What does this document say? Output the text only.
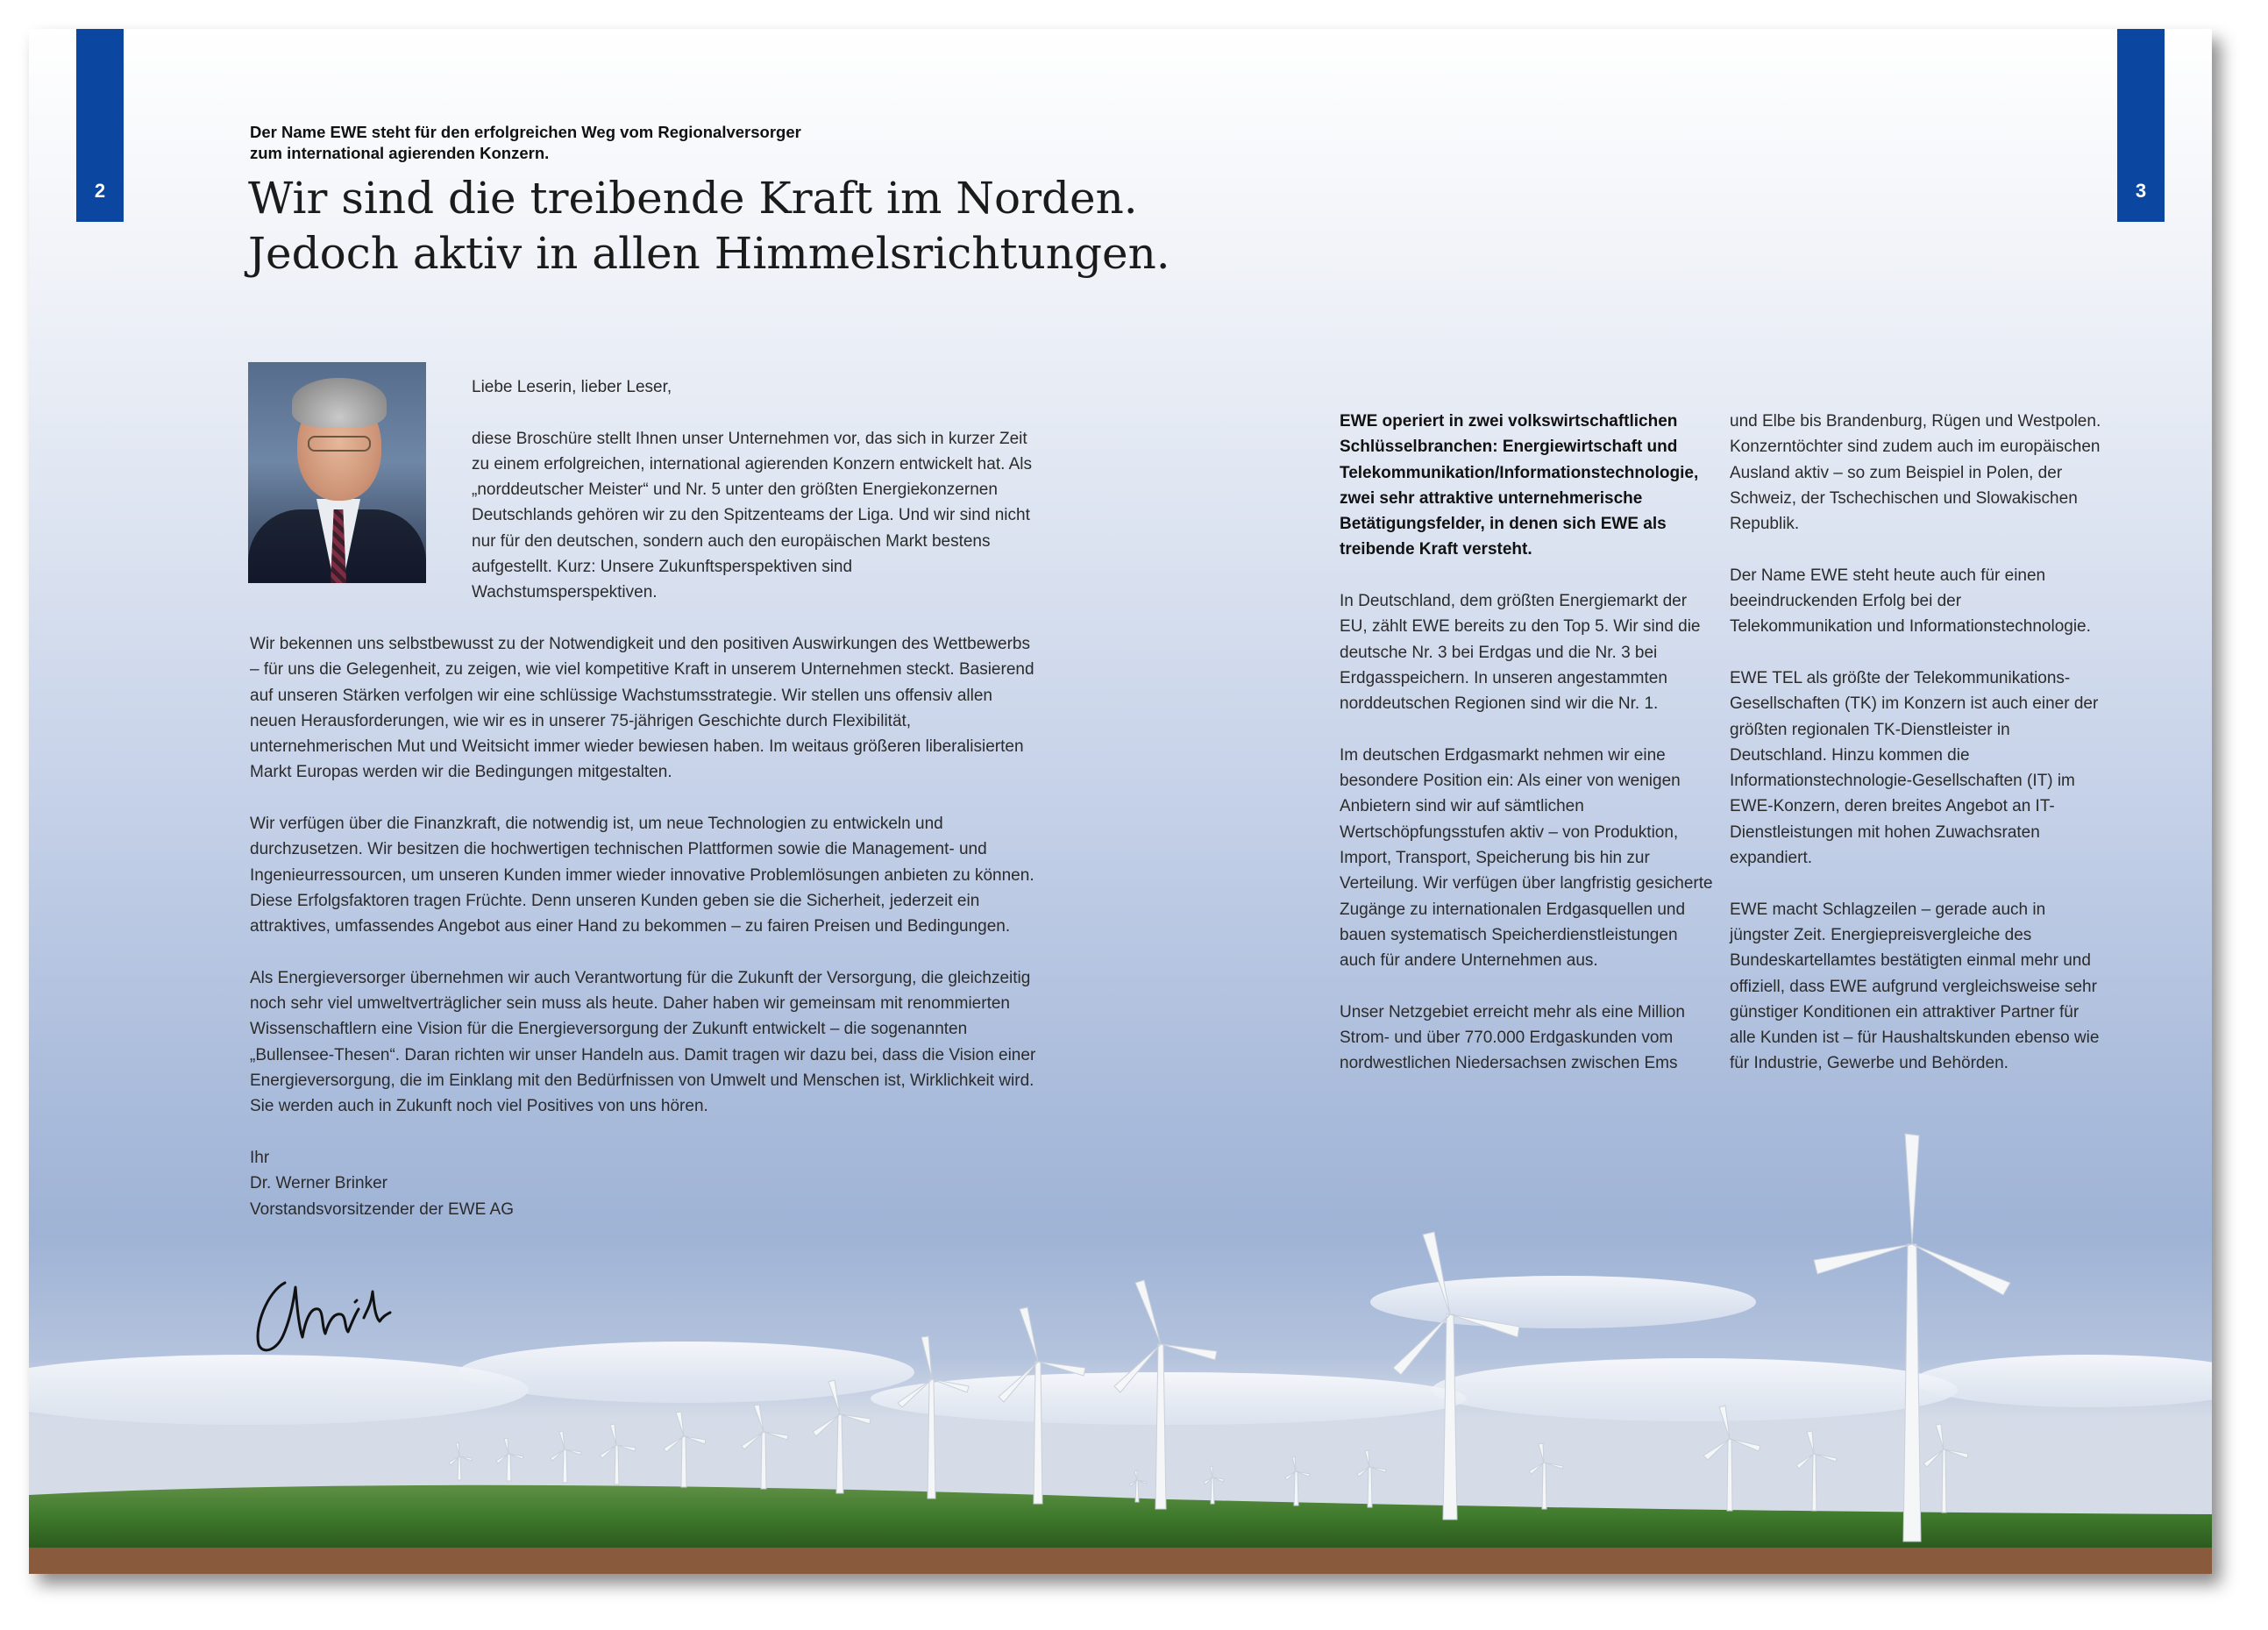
2	3
Der Name EWE steht für den erfolgreichen Weg vom Regionalversorger
zum international agierenden Konzern.
Wir sind die treibende Kraft im Norden.
Jedoch aktiv in allen Himmelsrichtungen.

Liebe Leserin, lieber Leser,

diese Broschüre stellt Ihnen unser Unternehmen vor, das sich in kurzer Zeit zu einem erfolgreichen, international agierenden Konzern entwickelt hat. Als „norddeutscher Meister“ und Nr. 5 unter den größten Energiekonzernen Deutschlands gehören wir zu den Spitzenteams der Liga. Und wir sind nicht nur für den deutschen, sondern auch den europäischen Markt bestens aufgestellt. Kurz: Unsere Zukunftsperspektiven sind Wachstumsperspektiven.

Wir bekennen uns selbstbewusst zu der Notwendigkeit und den positiven Auswirkungen des Wettbewerbs – für uns die Gelegenheit, zu zeigen, wie viel kompetitive Kraft in unserem Unternehmen steckt. Basierend auf unseren Stärken verfolgen wir eine schlüssige Wachstumsstrategie. Wir stellen uns offensiv allen neuen Herausforderungen, wie wir es in unserer 75-jährigen Geschichte durch Flexibilität, unternehmerischen Mut und Weitsicht immer wieder bewiesen haben. Im weitaus größeren liberalisierten Markt Europas werden wir die Bedingungen mitgestalten.

Wir verfügen über die Finanzkraft, die notwendig ist, um neue Technologien zu entwickeln und durchzusetzen. Wir besitzen die hochwertigen technischen Plattformen sowie die Management- und Ingenieurressourcen, um unseren Kunden immer wieder innovative Problemlösungen anbieten zu können. Diese Erfolgsfaktoren tragen Früchte. Denn unseren Kunden geben sie die Sicherheit, jederzeit ein attraktives, umfassendes Angebot aus einer Hand zu bekommen – zu fairen Preisen und Bedingungen.

Als Energieversorger übernehmen wir auch Verantwortung für die Zukunft der Versorgung, die gleichzeitig noch sehr viel umweltverträglicher sein muss als heute. Daher haben wir gemeinsam mit renommierten Wissenschaftlern eine Vision für die Energieversorgung der Zukunft entwickelt – die sogenannten „Bullensee-Thesen“. Daran richten wir unser Handeln aus. Damit tragen wir dazu bei, dass die Vision einer Energieversorgung, die im Einklang mit den Bedürfnissen von Umwelt und Menschen ist, Wirklichkeit wird. Sie werden auch in Zukunft noch viel Positives von uns hören.

Ihr

Dr. Werner Brinker

Vorstandsvorsitzender der EWE AG

EWE operiert in zwei volkswirtschaftlichen Schlüsselbranchen: Energiewirtschaft und Telekommunikation/Informationstechnologie, zwei sehr attraktive unternehmerische Betätigungsfelder, in denen sich EWE als treibende Kraft versteht.

In Deutschland, dem größten Energiemarkt der EU, zählt EWE bereits zu den Top 5. Wir sind die deutsche Nr. 3 bei Erdgas und die Nr. 3 bei Erdgasspeichern. In unseren angestammten norddeutschen Regionen sind wir die Nr. 1.

Im deutschen Erdgasmarkt nehmen wir eine besondere Position ein: Als einer von wenigen Anbietern sind wir auf sämtlichen Wertschöpfungsstufen aktiv – von Produktion, Import, Transport, Speicherung bis hin zur Verteilung. Wir verfügen über langfristig gesicherte Zugänge zu internationalen Erdgasquellen und bauen systematisch Speicherdienstleistungen auch für andere Unternehmen aus.

Unser Netzgebiet erreicht mehr als eine Million Strom- und über 770.000 Erdgaskunden vom nordwestlichen Niedersachsen zwischen Ems

und Elbe bis Brandenburg, Rügen und Westpolen. Konzerntöchter sind zudem auch im europäischen Ausland aktiv – so zum Beispiel in Polen, der Schweiz, der Tschechischen und Slowakischen Republik.

Der Name EWE steht heute auch für einen beeindruckenden Erfolg bei der Telekommunikation und Informationstechnologie.

EWE TEL als größte der Telekommunikations-Gesellschaften (TK) im Konzern ist auch einer der größten regionalen TK-Dienstleister in Deutschland. Hinzu kommen die Informationstechnologie-Gesellschaften (IT) im EWE-Konzern, deren breites Angebot an IT-Dienstleistungen mit hohen Zuwachsraten expandiert.

EWE macht Schlagzeilen – gerade auch in jüngster Zeit. Energiepreisvergleiche des Bundeskartellamtes bestätigten einmal mehr und offiziell, dass EWE aufgrund vergleichsweise sehr günstiger Konditionen ein attraktiver Partner für alle Kunden ist – für Haushaltskunden ebenso wie für Industrie, Gewerbe und Behörden.
